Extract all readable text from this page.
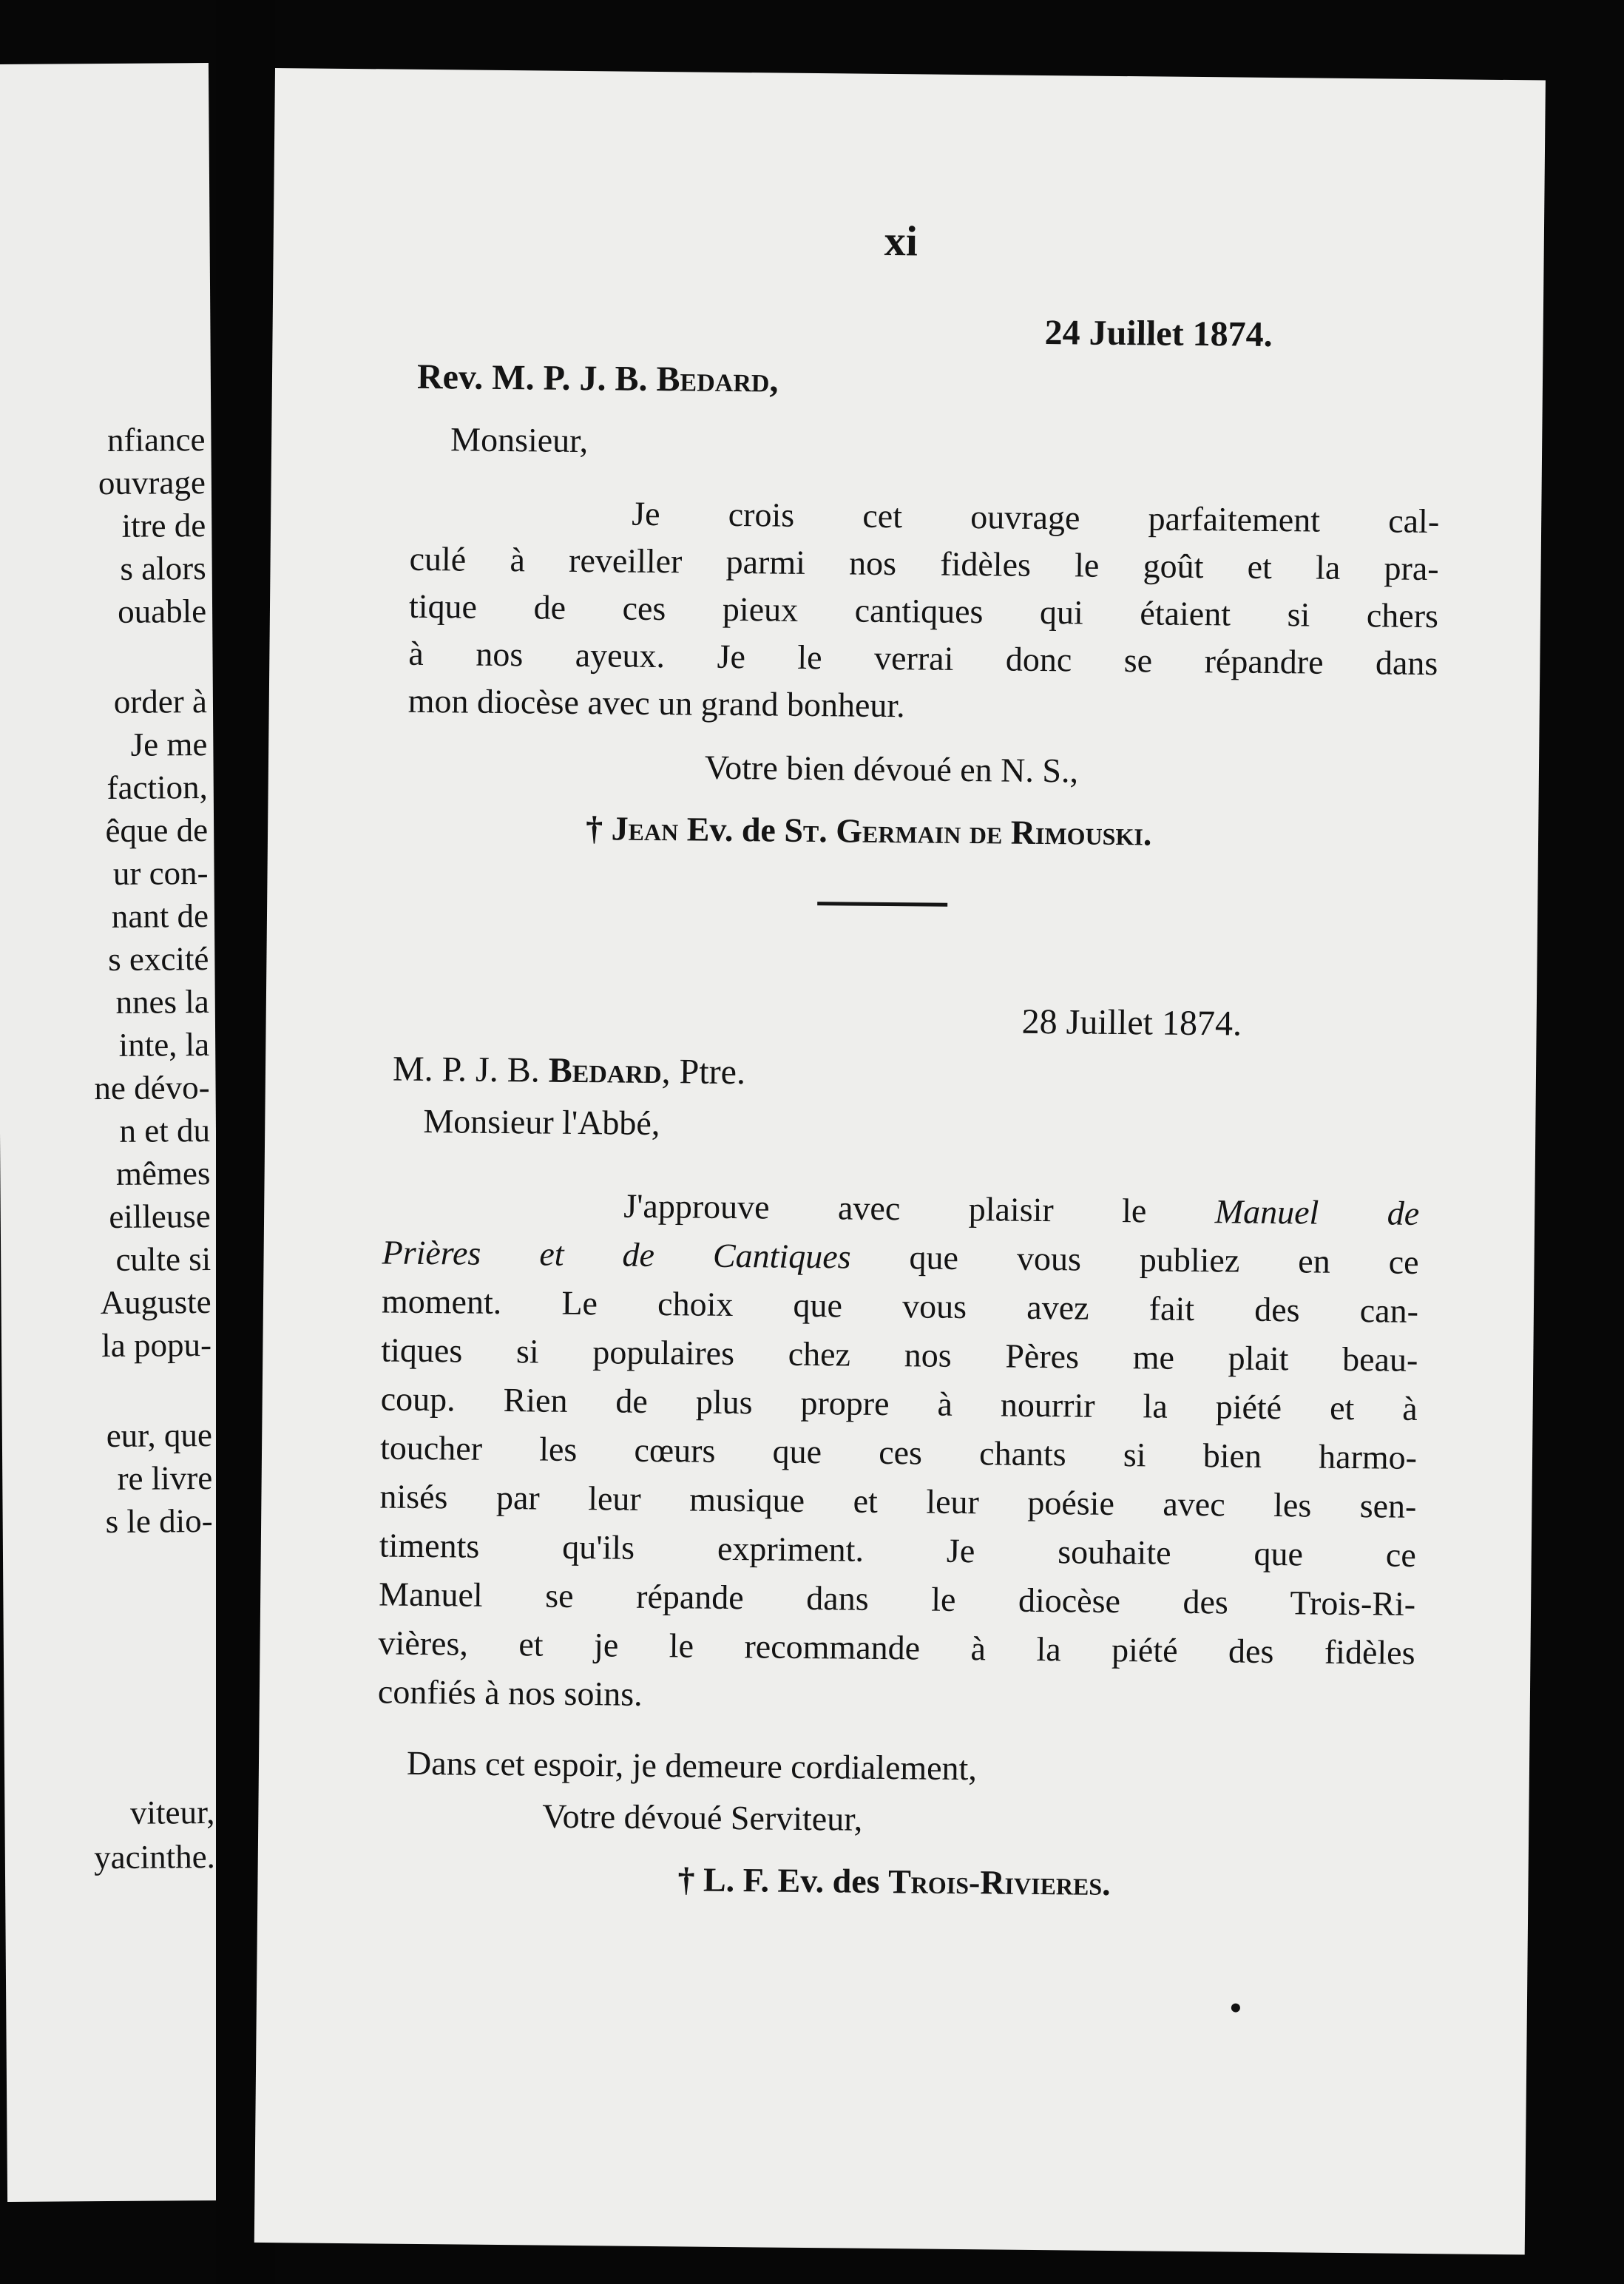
nfiance
ouvrage
itre de
s alors
ouable
order à
Je me
faction,
êque de
ur con-
nant de
s excité
nnes la
inte, la
ne dévo-
n et du
mêmes
eilleuse
culte si
Auguste
la popu-
eur, que
re livre
s le dio-
viteur,
yacinthe.
xi
24 Juillet 1874.
Rev. M. P. J. B. Bedard,
Monsieur,
Je crois cet ouvrage parfaitement cal-
culé à reveiller parmi nos fidèles le goût et la pra-
tique de ces pieux cantiques qui étaient si chers
à nos ayeux. Je le verrai donc se répandre dans
mon diocèse avec un grand bonheur.
Votre bien dévoué en N. S.,
† Jean Ev. de St. Germain de Rimouski.
28 Juillet 1874.
M. P. J. B. Bedard, Ptre.
Monsieur l'Abbé,
J'approuve avec plaisir le Manuel de
Prières et de Cantiques que vous publiez en ce
moment. Le choix que vous avez fait des can-
tiques si populaires chez nos Pères me plait beau-
coup. Rien de plus propre à nourrir la piété et à
toucher les cœurs que ces chants si bien harmo-
nisés par leur musique et leur poésie avec les sen-
timents qu'ils expriment. Je souhaite que ce
Manuel se répande dans le diocèse des Trois-Ri-
vières, et je le recommande à la piété des fidèles
confiés à nos soins.
Dans cet espoir, je demeure cordialement,
Votre dévoué Serviteur,
† L. F. Ev. des Trois-Rivieres.
